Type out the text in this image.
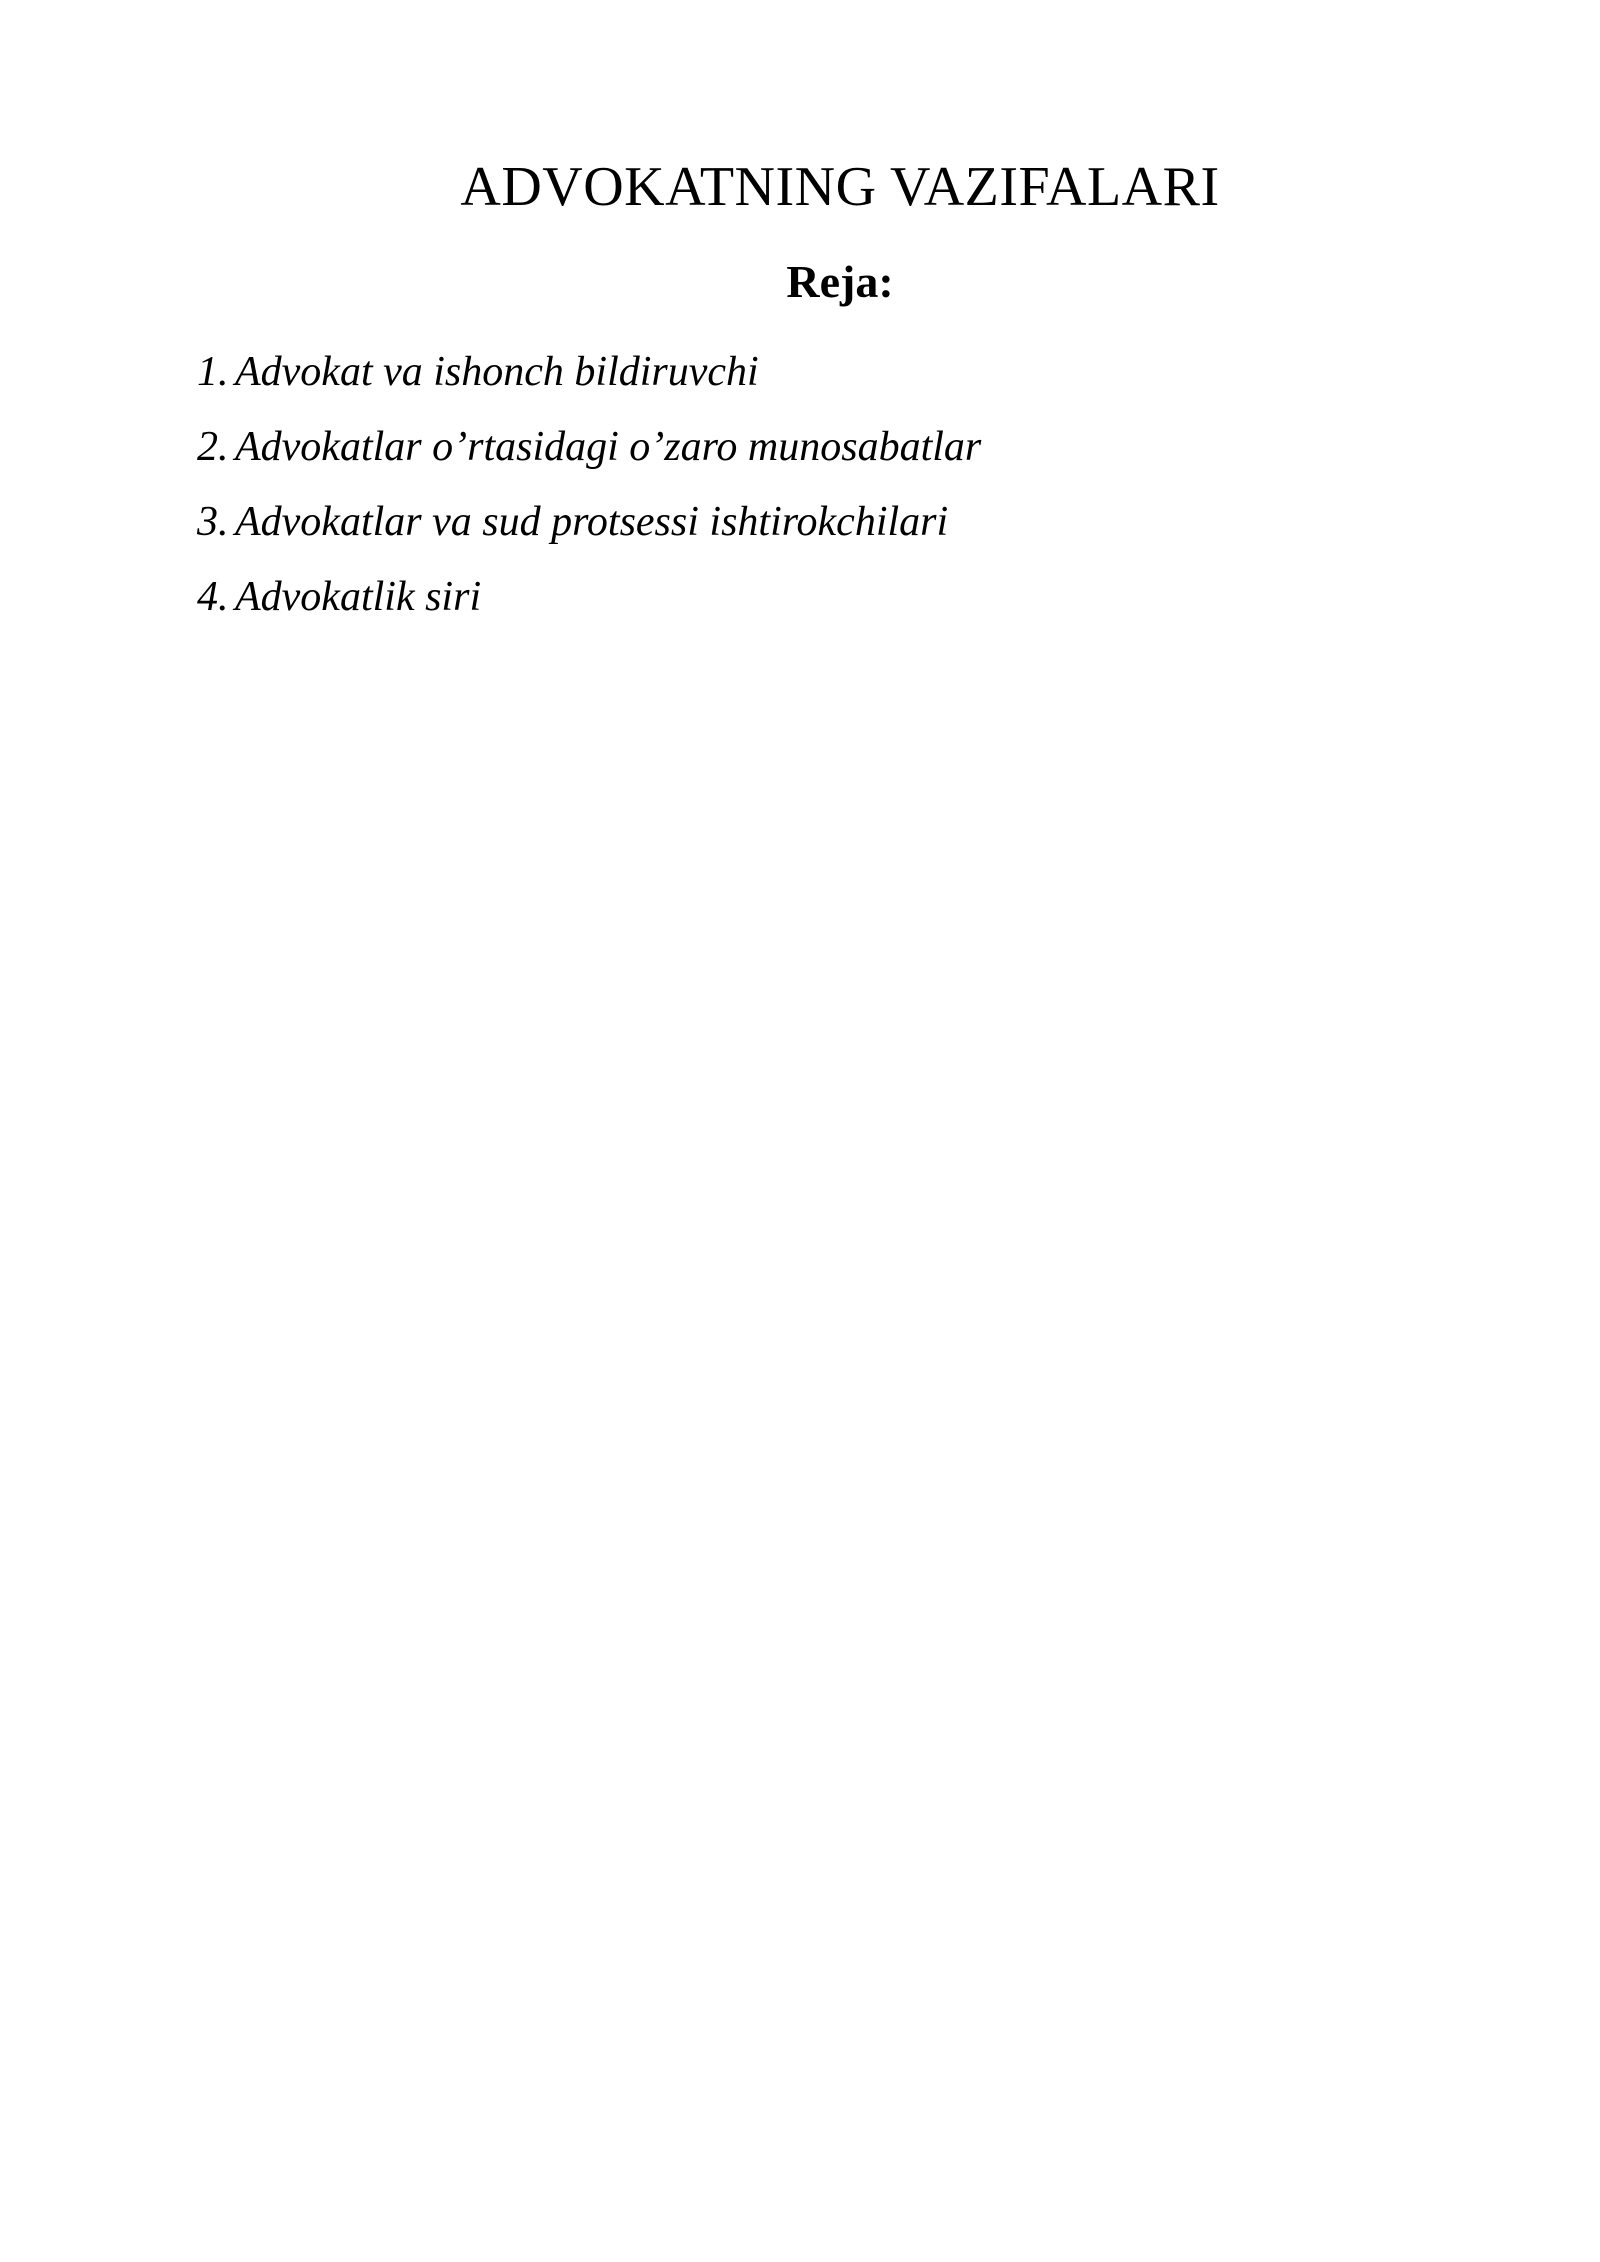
ADVOKATNING VAZIFALARI
Reja:
1. Advokat va ishonch bildiruvchi
2. Advokatlar o’rtasidagi o’zaro munosabatlar
3. Advokatlar va sud protsessi ishtirokchilari
4. Advokatlik siri
